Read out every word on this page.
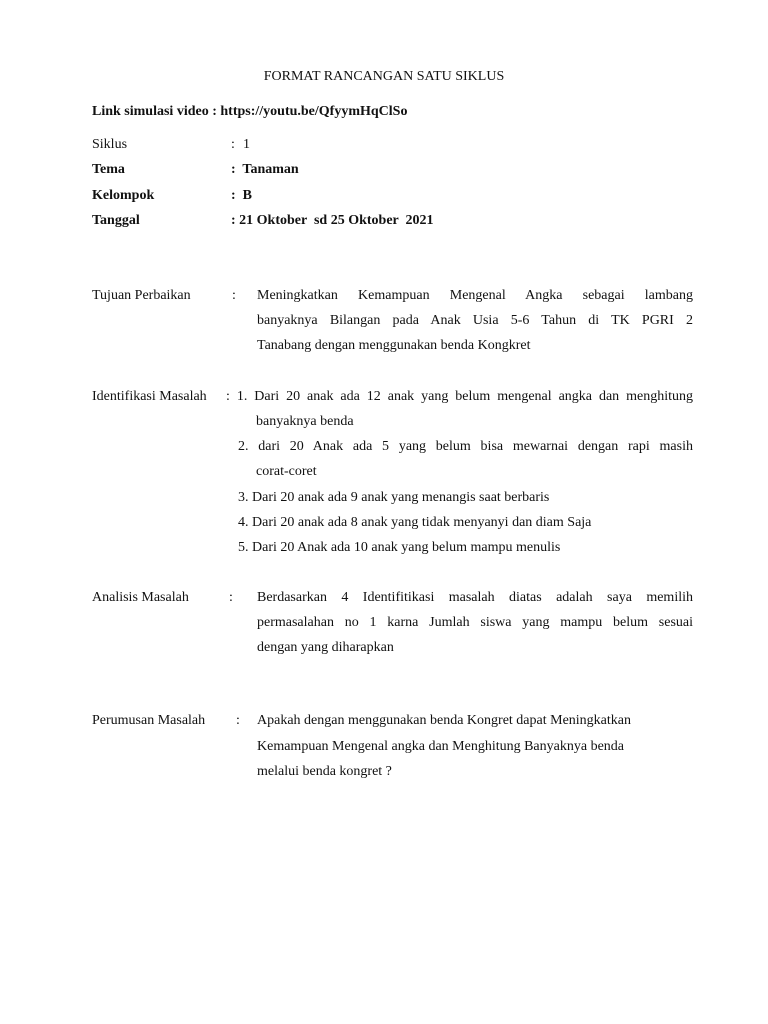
FORMAT RANCANGAN SATU SIKLUS
Link simulasi video : https://youtu.be/QfyymHqClSo
Siklus	: 1
Tema	:  Tanaman
Kelompok	:  B
Tanggal	: 21 Oktober  sd 25 Oktober  2021
Tujuan Perbaikan	: Meningkatkan Kemampuan Mengenal Angka sebagai lambang
banyaknya Bilangan pada Anak Usia 5-6 Tahun di TK PGRI 2
Tanabang dengan menggunakan benda Kongkret
Identifikasi Masalah : 1. Dari 20 anak ada 12 anak yang belum mengenal angka dan menghitung
banyaknya benda
2. dari 20 Anak ada 5 yang belum bisa mewarnai dengan rapi masih
corat-coret
3. Dari 20 anak ada 9 anak yang menangis saat berbaris
4. Dari 20 anak ada 8 anak yang tidak menyanyi dan diam Saja
5. Dari 20 Anak ada 10 anak yang belum mampu menulis
Analisis Masalah	: Berdasarkan 4 Identifitikasi masalah diatas adalah saya memilih
permasalahan no 1 karna Jumlah siswa yang mampu belum sesuai
dengan yang diharapkan
Perumusan Masalah : Apakah dengan menggunakan benda Kongret dapat Meningkatkan
Kemampuan Mengenal angka dan Menghitung Banyaknya benda
melalui benda kongret ?
